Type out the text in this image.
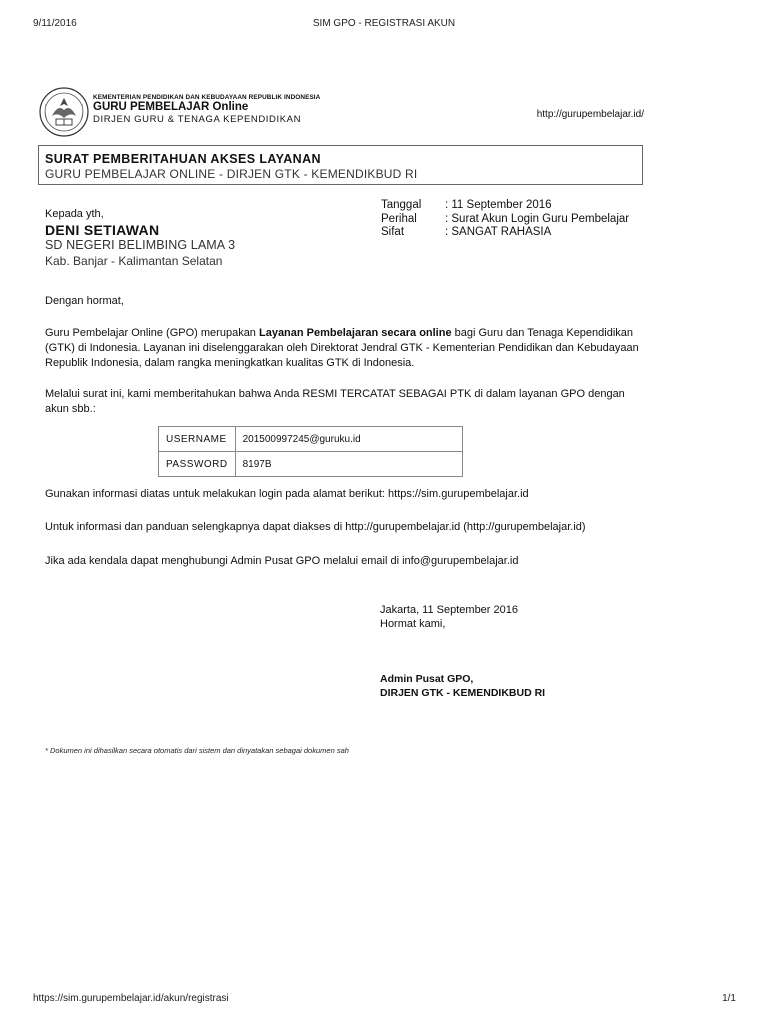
9/11/2016	SIM GPO - REGISTRASI AKUN
KEMENTERIAN PENDIDIKAN DAN KEBUDAYAAN REPUBLIK INDONESIA
GURU PEMBELAJAR Online
DIRJEN GURU & TENAGA KEPENDIDIKAN	http://gurupembelajar.id/
SURAT PEMBERITAHUAN AKSES LAYANAN
GURU PEMBELAJAR ONLINE - DIRJEN GTK - KEMENDIKBUD RI
Tanggal	: 11 September 2016
Perihal	: Surat Akun Login Guru Pembelajar
Sifat	: SANGAT RAHASIA
Kepada yth,
DENI SETIAWAN
SD NEGERI BELIMBING LAMA 3
Kab. Banjar - Kalimantan Selatan
Dengan hormat,
Guru Pembelajar Online (GPO) merupakan Layanan Pembelajaran secara online bagi Guru dan Tenaga Kependidikan (GTK) di Indonesia. Layanan ini diselenggarakan oleh Direktorat Jendral GTK - Kementerian Pendidikan dan Kebudayaan Republik Indonesia, dalam rangka meningkatkan kualitas GTK di Indonesia.
Melalui surat ini, kami memberitahukan bahwa Anda RESMI TERCATAT SEBAGAI PTK di dalam layanan GPO dengan akun sbb.:
USERNAME	201500997245@guruku.id
PASSWORD	8197B
Gunakan informasi diatas untuk melakukan login pada alamat berikut: https://sim.gurupembelajar.id
Untuk informasi dan panduan selengkapnya dapat diakses di http://gurupembelajar.id (http://gurupembelajar.id)
Jika ada kendala dapat menghubungi Admin Pusat GPO melalui email di info@gurupembelajar.id
Jakarta, 11 September 2016
Hormat kami,
Admin Pusat GPO,
DIRJEN GTK - KEMENDIKBUD RI
* Dokumen ini dihasilkan secara otomatis dari sistem dan dinyatakan sebagai dokumen sah
https://sim.gurupembelajar.id/akun/registrasi	1/1
